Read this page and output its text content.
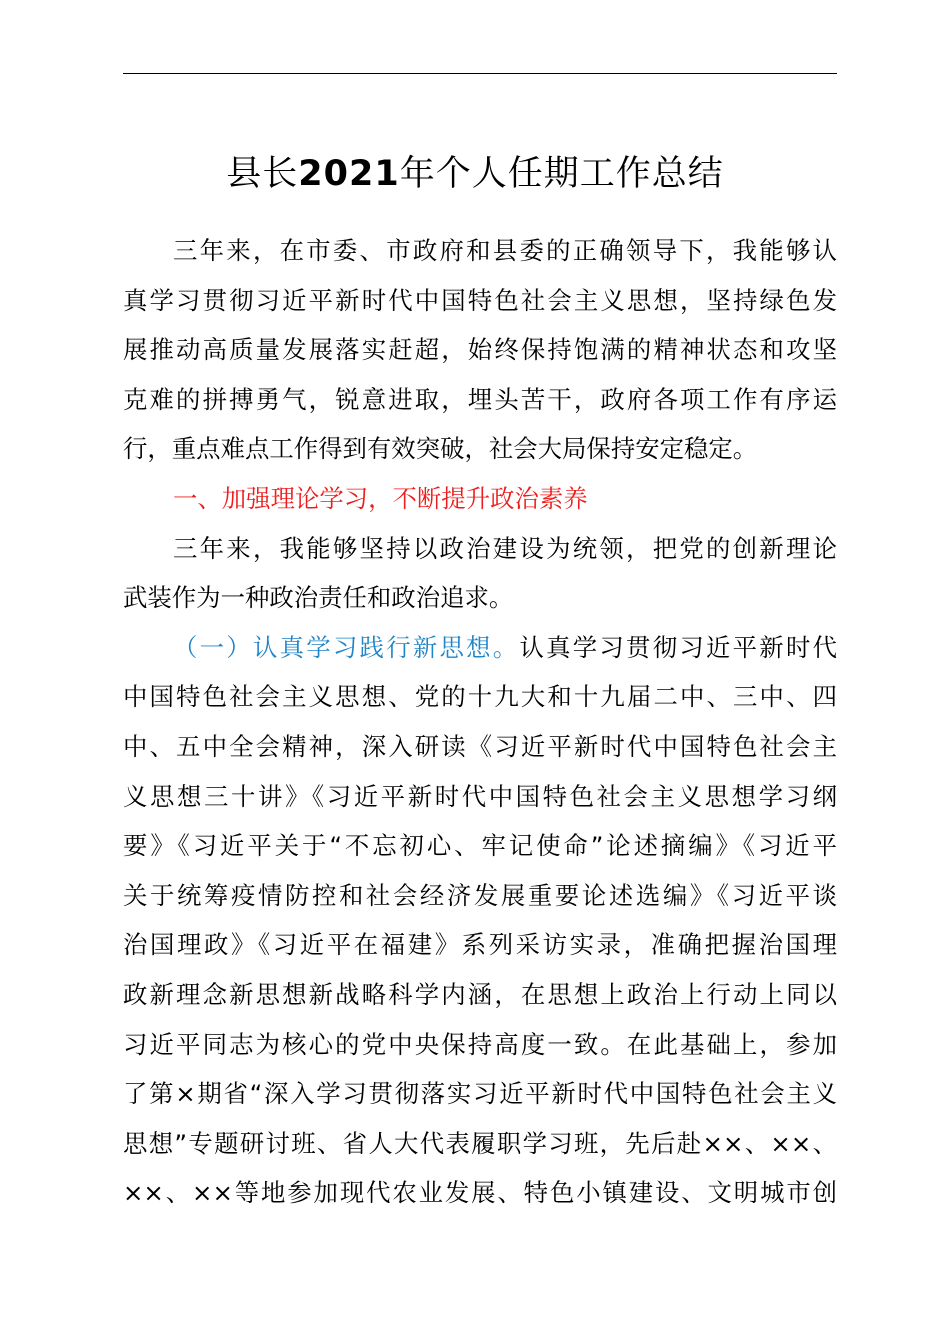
县长2021年个人任期工作总结
三年来，在市委、市政府和县委的正确领导下，我能够认
真学习贯彻习近平新时代中国特色社会主义思想，坚持绿色发
展推动高质量发展落实赶超，始终保持饱满的精神状态和攻坚
克难的拼搏勇气，锐意进取，埋头苦干，政府各项工作有序运
行，重点难点工作得到有效突破，社会大局保持安定稳定。
一、加强理论学习，不断提升政治素养
三年来，我能够坚持以政治建设为统领，把党的创新理论
武装作为一种政治责任和政治追求。
（一）认真学习践行新思想。认真学习贯彻习近平新时代
中国特色社会主义思想、党的十九大和十九届二中、三中、四
中、五中全会精神，深入研读《习近平新时代中国特色社会主
义思想三十讲》《习近平新时代中国特色社会主义思想学习纲
要》《习近平关于“不忘初心、牢记使命”论述摘编》《习近平
关于统筹疫情防控和社会经济发展重要论述选编》《习近平谈
治国理政》《习近平在福建》系列采访实录，准确把握治国理
政新理念新思想新战略科学内涵，在思想上政治上行动上同以
习近平同志为核心的党中央保持高度一致。在此基础上，参加
了第×期省“深入学习贯彻落实习近平新时代中国特色社会主义
思想”专题研讨班、省人大代表履职学习班，先后赴××、××、
××、××等地参加现代农业发展、特色小镇建设、文明城市创
